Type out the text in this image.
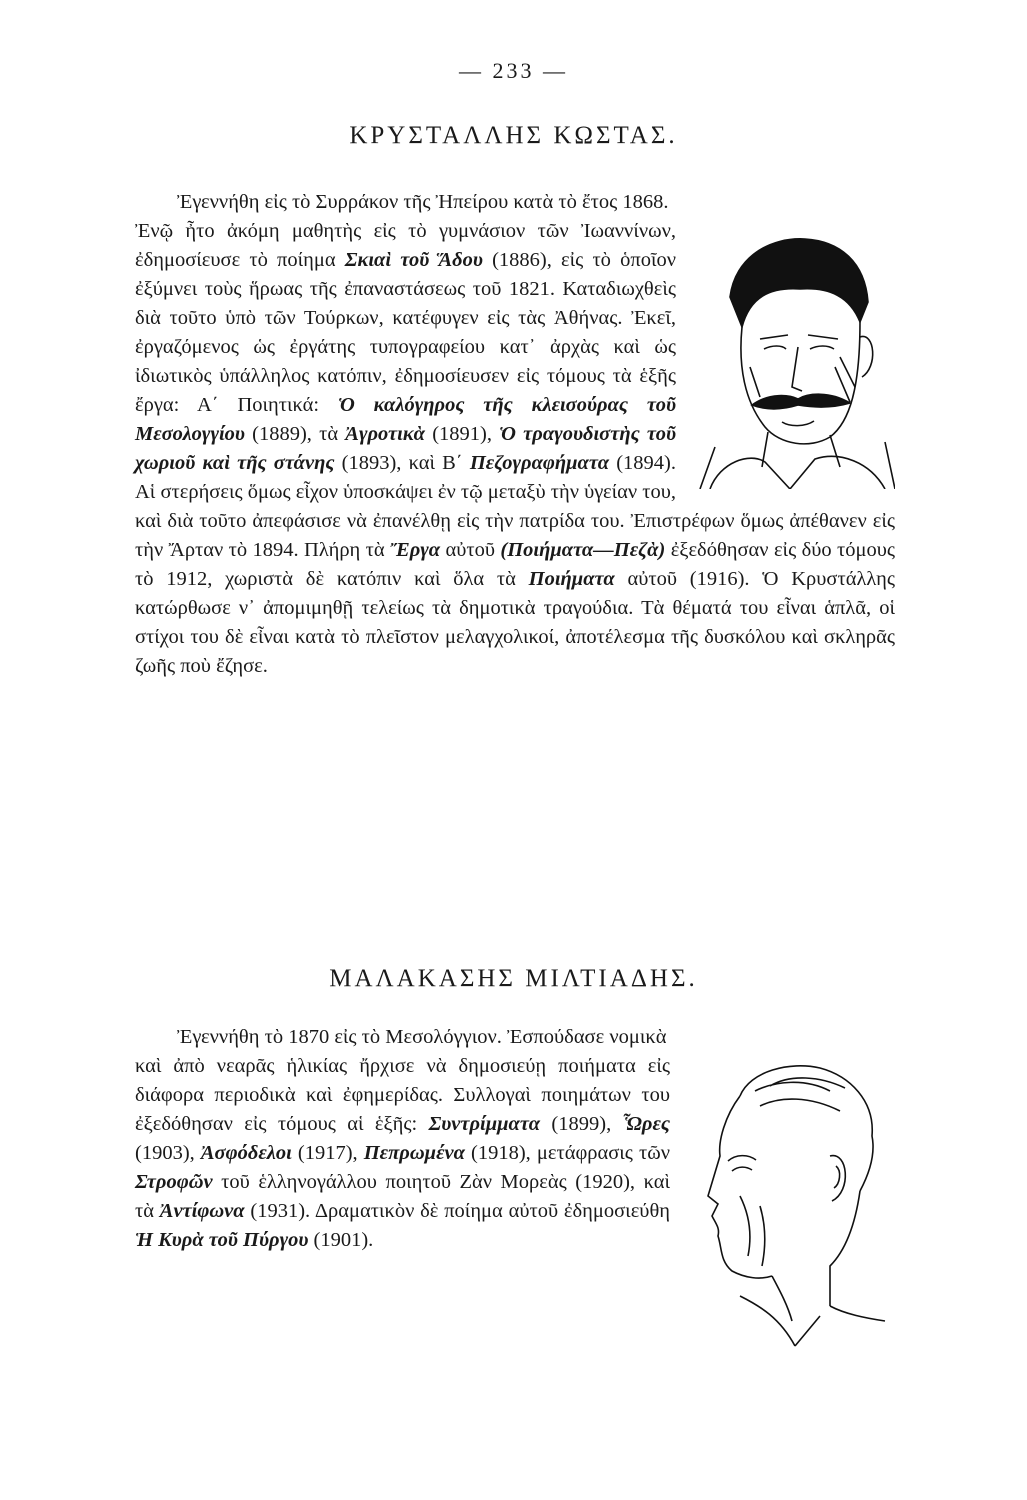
— 233 —
ΚΡΥΣΤΑΛΛΗΣ ΚΩΣΤΑΣ.
Ἐγεννήθη εἰς τὸ Συρράκον τῆς Ἠπείρου κατὰ τὸ ἔτος 1868.
Ἐνῷ ἦτο ἀκόμη μαθητὴς εἰς τὸ γυμνάσιον τῶν Ἰωαννίνων, ἐδημοσίευσε τὸ ποίημα Σκιαὶ τοῦ Ἅδου (1886), εἰς τὸ ὁποῖον ἐξύμνει τοὺς ἥρωας τῆς ἐπαναστάσεως τοῦ 1821. Καταδιωχθεὶς διὰ τοῦτο ὑπὸ τῶν Τούρκων, κατέφυγεν εἰς τὰς Ἀθήνας. Ἐκεῖ, ἐργαζόμενος ὡς ἐργάτης τυπογραφείου κατ᾽ ἀρχὰς καὶ ὡς ἰδιωτικὸς ὑπάλληλος κατόπιν, ἐδημοσίευσεν εἰς τόμους τὰ ἑξῆς ἔργα: Α΄ Ποιητικά: Ὁ καλόγηρος τῆς κλεισούρας τοῦ Μεσολογγίου (1889), τὰ Ἀγροτικὰ (1891), Ὁ τραγουδιστὴς τοῦ χωριοῦ καὶ τῆς στάνης (1893), καὶ Β΄ Πεζογραφήματα (1894). Αἱ στερήσεις ὅμως εἶχον ὑποσκάψει ἐν τῷ μεταξὺ τὴν ὑγείαν του, καὶ διὰ τοῦτο ἀπεφάσισε νὰ ἐπανέλθῃ εἰς τὴν πατρίδα του. Ἐπιστρέφων ὅμως ἀπέθανεν εἰς τὴν Ἄρταν τὸ 1894. Πλήρη τὰ Ἔργα αὐτοῦ (Ποιήματα—Πεζὰ) ἐξεδόθησαν εἰς δύο τόμους τὸ 1912, χωριστὰ δὲ κατόπιν καὶ ὅλα τὰ Ποιήματα αὐτοῦ (1916). Ὁ Κρυστάλλης κατώρθωσε ν᾽ ἀπομιμηθῇ τελείως τὰ δημοτικὰ τραγούδια. Τὰ θέματά του εἶναι ἁπλᾶ, οἱ στίχοι του δὲ εἶναι κατὰ τὸ πλεῖστον μελαγχολικοί, ἀποτέλεσμα τῆς δυσκόλου καὶ σκληρᾶς ζωῆς ποὺ ἔζησε.
ΜΑΛΑΚΑΣΗΣ ΜΙΛΤΙΑΔΗΣ.
Ἐγεννήθη τὸ 1870 εἰς τὸ Μεσολόγγιον. Ἐσπούδασε νομικὰ
καὶ ἀπὸ νεαρᾶς ἡλικίας ἤρχισε νὰ δημοσιεύῃ ποιήματα εἰς διάφορα περιοδικὰ καὶ ἐφημερίδας. Συλλογαὶ ποιημάτων του ἐξεδόθησαν εἰς τόμους αἱ ἑξῆς: Συντρίμματα (1899), Ὧρες (1903), Ἀσφόδελοι (1917), Πεπρωμένα (1918), μετάφρασις τῶν Στροφῶν τοῦ ἑλληνογάλλου ποιητοῦ Ζὰν Μορεὰς (1920), καὶ τὰ Ἀντίφωνα (1931). Δραματικὸν δὲ ποίημα αὐτοῦ ἐδημοσιεύθη Ἡ Κυρὰ τοῦ Πύργου (1901).
